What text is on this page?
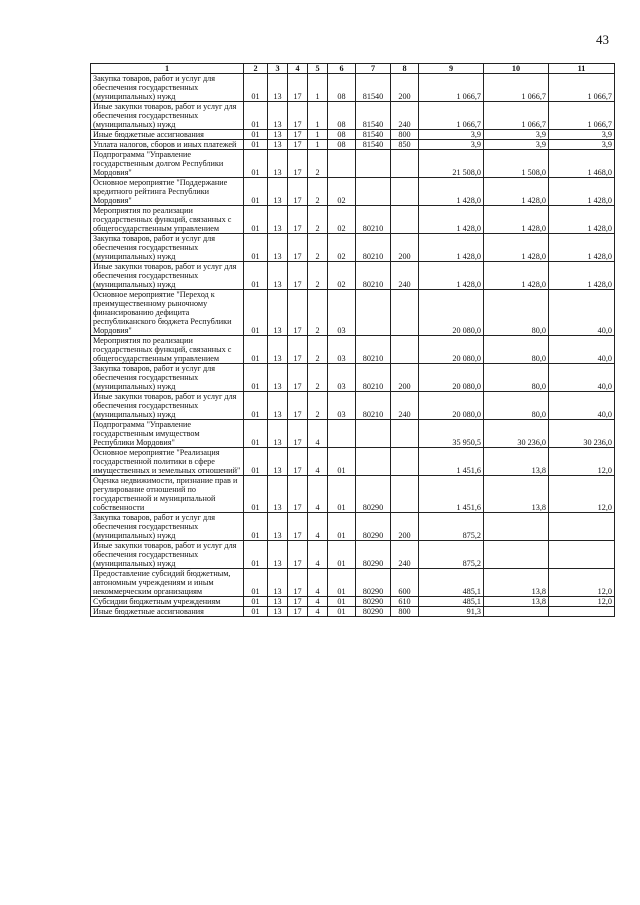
43
1	2	3	4	5	6	7	8	9	10	11
Закупка товаров, работ и услуг для обеспечения государственных (муниципальных) нужд	01	13	17	1	08	81540	200	1 066,7	1 066,7	1 066,7
Иные закупки товаров, работ и услуг для обеспечения государственных (муниципальных) нужд	01	13	17	1	08	81540	240	1 066,7	1 066,7	1 066,7
Иные бюджетные ассигнования	01	13	17	1	08	81540	800	3,9	3,9	3,9
Уплата налогов, сборов и иных платежей	01	13	17	1	08	81540	850	3,9	3,9	3,9
Подпрограмма "Управление государственным долгом Республики Мордовия"	01	13	17	2				21 508,0	1 508,0	1 468,0
Основное мероприятие "Поддержание кредитного рейтинга Республики Мордовия"	01	13	17	2	02			1 428,0	1 428,0	1 428,0
Мероприятия по реализации государственных функций, связанных с общегосударственным управлением	01	13	17	2	02	80210		1 428,0	1 428,0	1 428,0
Закупка товаров, работ и услуг для обеспечения государственных (муниципальных) нужд	01	13	17	2	02	80210	200	1 428,0	1 428,0	1 428,0
Иные закупки товаров, работ и услуг для обеспечения государственных (муниципальных) нужд	01	13	17	2	02	80210	240	1 428,0	1 428,0	1 428,0
Основное мероприятие "Переход к преимущественному рыночному финансированию дефицита республиканского бюджета Республики Мордовия"	01	13	17	2	03			20 080,0	80,0	40,0
Мероприятия по реализации государственных функций, связанных с общегосударственным управлением	01	13	17	2	03	80210		20 080,0	80,0	40,0
Закупка товаров, работ и услуг для обеспечения государственных (муниципальных) нужд	01	13	17	2	03	80210	200	20 080,0	80,0	40,0
Иные закупки товаров, работ и услуг для обеспечения государственных (муниципальных) нужд	01	13	17	2	03	80210	240	20 080,0	80,0	40,0
Подпрограмма "Управление государственным имуществом Республики Мордовия"	01	13	17	4				35 950,5	30 236,0	30 236,0
Основное мероприятие "Реализация государственной политики в сфере имущественных и земельных отношений"	01	13	17	4	01			1 451,6	13,8	12,0
Оценка недвижимости, признание прав и регулирование отношений по государственной и муниципальной собственности	01	13	17	4	01	80290		1 451,6	13,8	12,0
Закупка товаров, работ и услуг для обеспечения государственных (муниципальных) нужд	01	13	17	4	01	80290	200	875,2		
Иные закупки товаров, работ и услуг для обеспечения государственных (муниципальных) нужд	01	13	17	4	01	80290	240	875,2		
Предоставление субсидий бюджетным, автономным учреждениям и иным некоммерческим организациям	01	13	17	4	01	80290	600	485,1	13,8	12,0
Субсидии бюджетным учреждениям	01	13	17	4	01	80290	610	485,1	13,8	12,0
Иные бюджетные ассигнования	01	13	17	4	01	80290	800	91,3		
